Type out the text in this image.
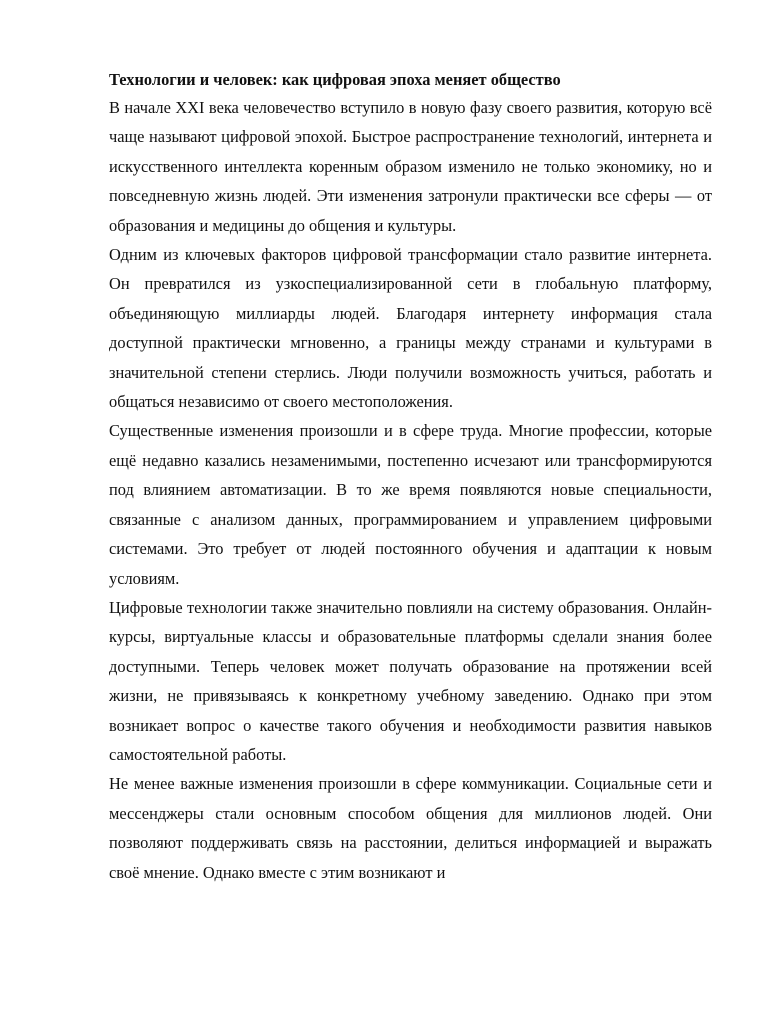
Технологии и человек: как цифровая эпоха меняет общество

В начале XXI века человечество вступило в новую фазу своего развития, которую всё чаще называют цифровой эпохой. Быстрое распространение технологий, интернета и искусственного интеллекта коренным образом изменило не только экономику, но и повседневную жизнь людей. Эти изменения затронули практически все сферы — от образования и медицины до общения и культуры.

Одним из ключевых факторов цифровой трансформации стало развитие интернета. Он превратился из узкоспециализированной сети в глобальную платформу, объединяющую миллиарды людей. Благодаря интернету информация стала доступной практически мгновенно, а границы между странами и культурами в значительной степени стерлись. Люди получили возможность учиться, работать и общаться независимо от своего местоположения.

Существенные изменения произошли и в сфере труда. Многие профессии, которые ещё недавно казались незаменимыми, постепенно исчезают или трансформируются под влиянием автоматизации. В то же время появляются новые специальности, связанные с анализом данных, программированием и управлением цифровыми системами. Это требует от людей постоянного обучения и адаптации к новым условиям.

Цифровые технологии также значительно повлияли на систему образования. Онлайн-курсы, виртуальные классы и образовательные платформы сделали знания более доступными. Теперь человек может получать образование на протяжении всей жизни, не привязываясь к конкретному учебному заведению. Однако при этом возникает вопрос о качестве такого обучения и необходимости развития навыков самостоятельной работы.

Не менее важные изменения произошли в сфере коммуникации. Социальные сети и мессенджеры стали основным способом общения для миллионов людей. Они позволяют поддерживать связь на расстоянии, делиться информацией и выражать своё мнение. Однако вместе с этим возникают и
